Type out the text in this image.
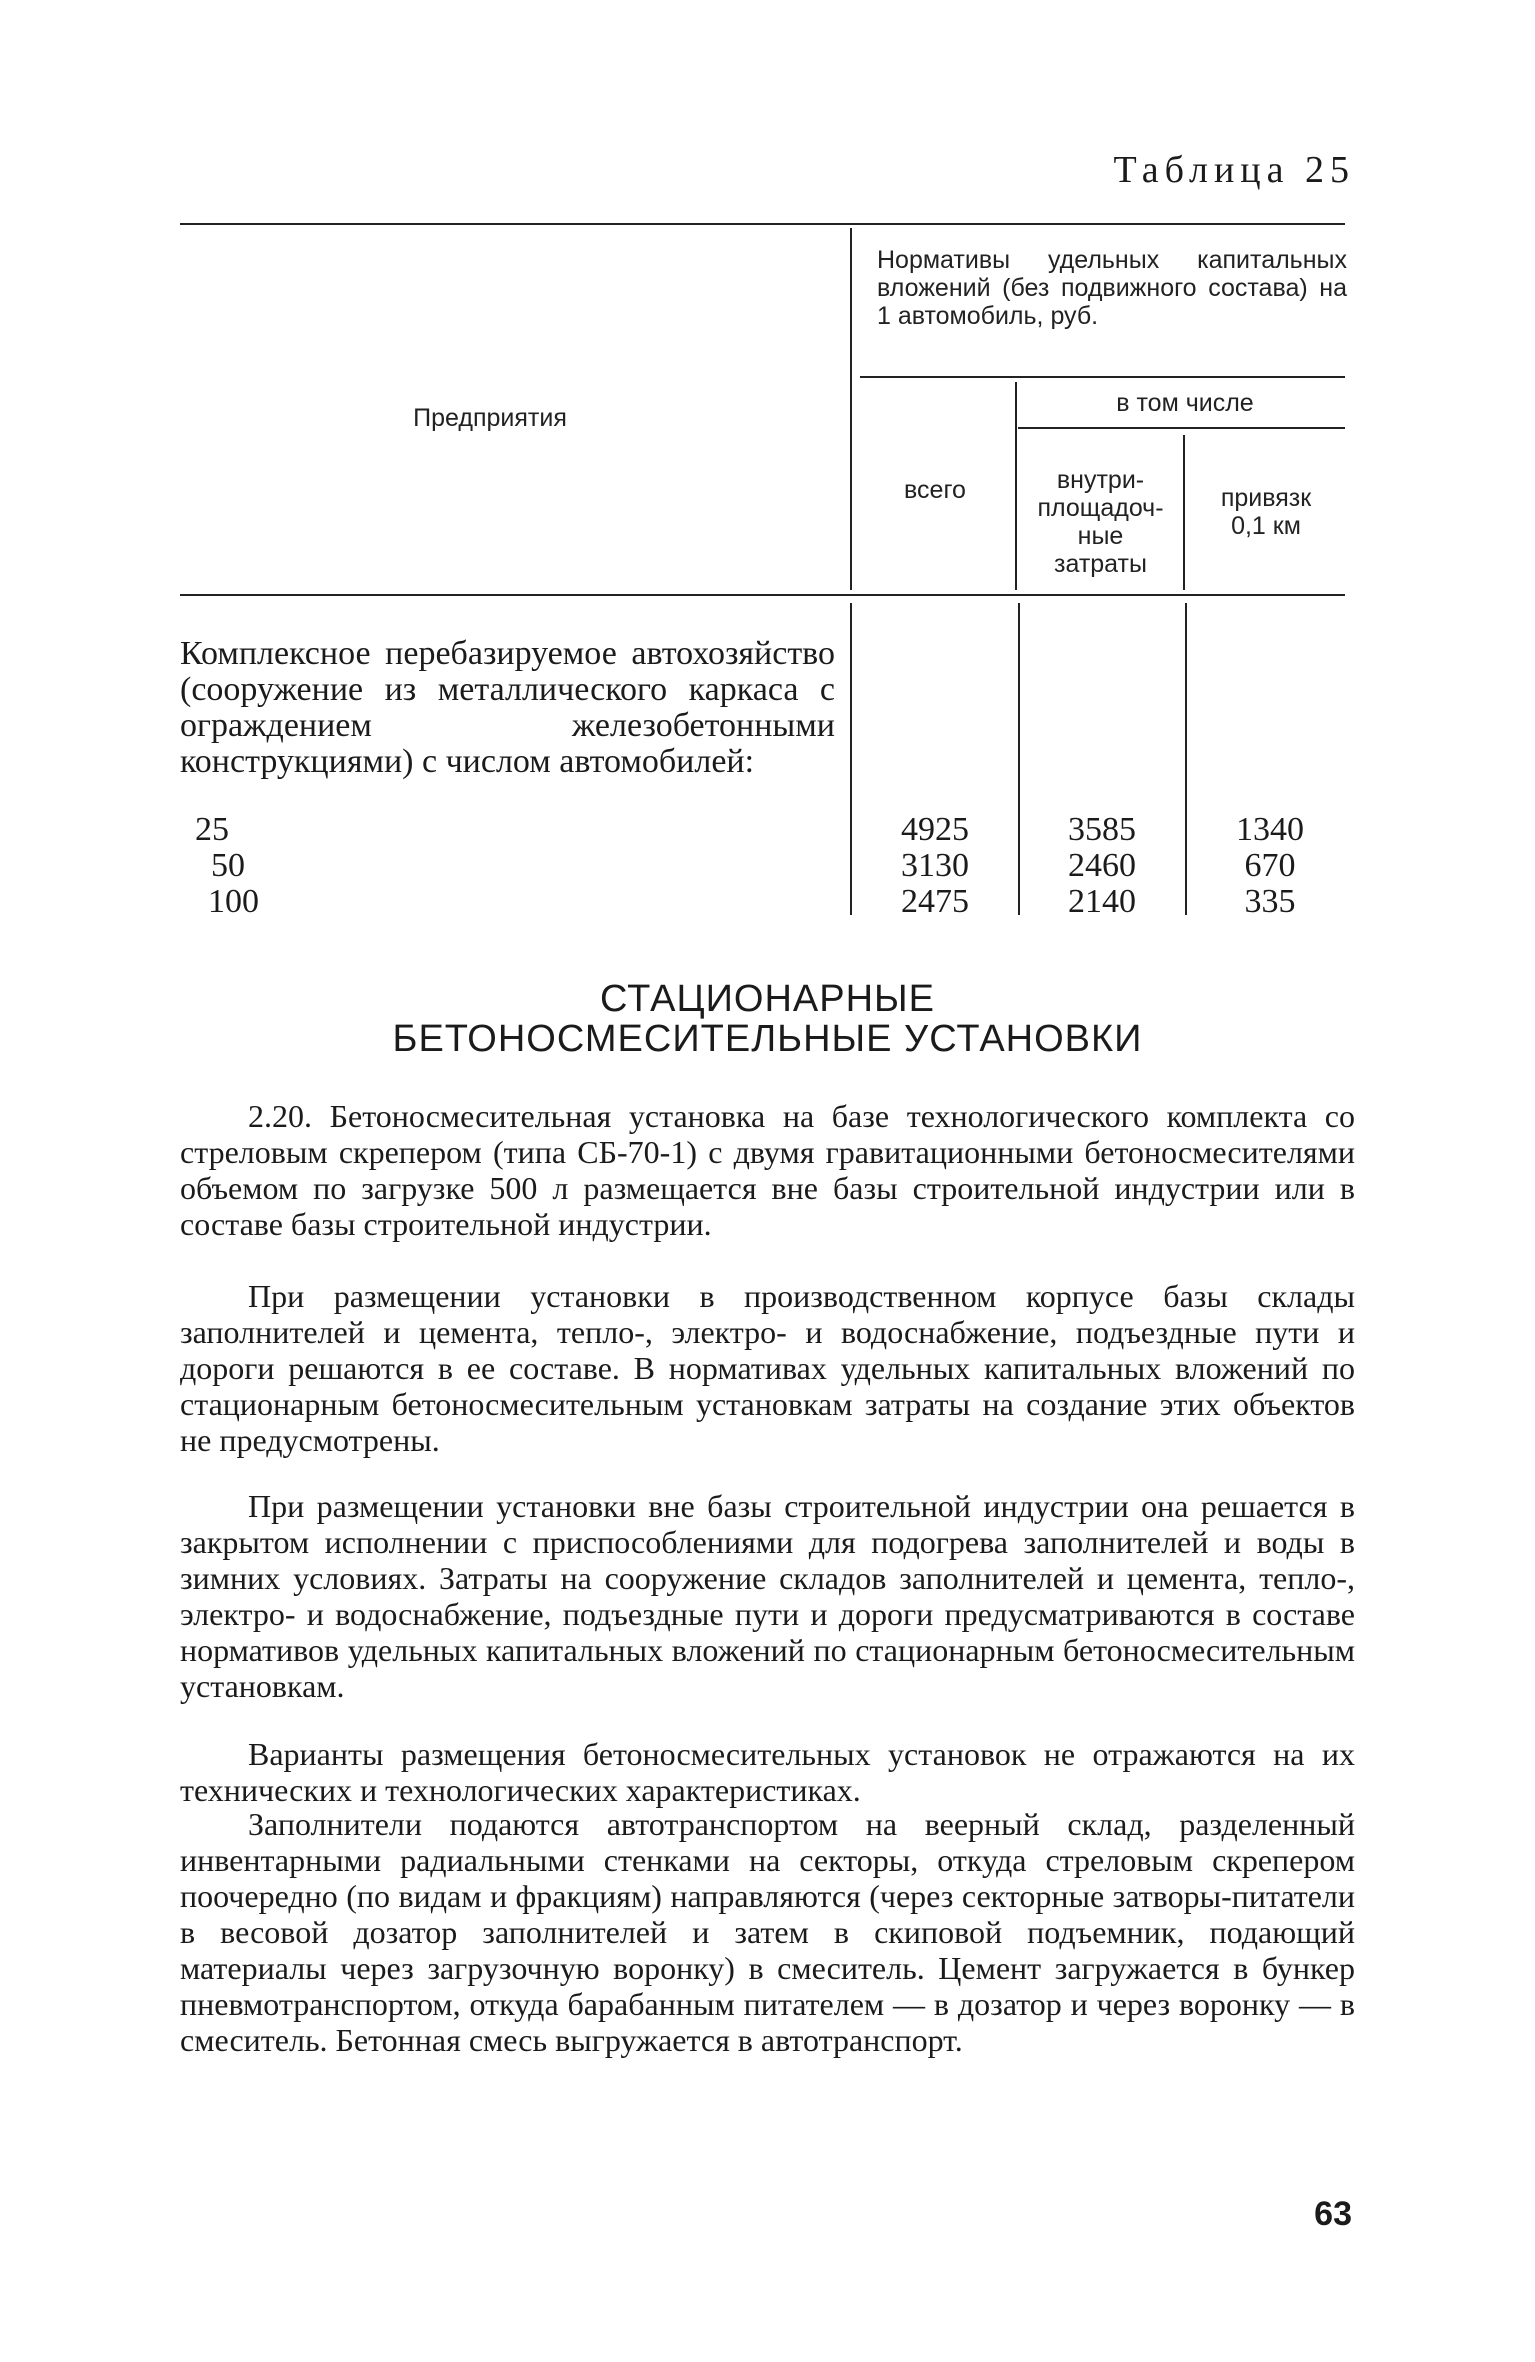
Таблица 25
Предприятия
Нормативы удельных капитальных вложений (без подвижного состава) на 1 автомобиль, руб.
в том числе
всего	внутри-
площадоч-
ные
затраты
привязк
0,1 км
Комплексное перебазируемое автохозяйство (сооружение из металлического каркаса с ограждением железобетонными конструкциями) с числом автомобилей:
25
50
100
4925
3130
2475
3585
2460
2140
1340
670
335
СТАЦИОНАРНЫЕ
БЕТОНОСМЕСИТЕЛЬНЫЕ УСТАНОВКИ

2.20. Бетоносмесительная установка на базе технологического комплекта со стреловым скрепером (типа СБ-70-1) с двумя гравитационными бетоносмесителями объемом по загрузке 500 л размещается вне базы строительной индустрии или в составе базы строительной индустрии.

При размещении установки в производственном корпусе базы склады заполнителей и цемента, тепло-, электро- и водоснабжение, подъездные пути и дороги решаются в ее составе. В нормативах удельных капитальных вложений по стационарным бетоносмесительным установкам затраты на создание этих объектов не предусмотрены.

При размещении установки вне базы строительной индустрии она решается в закрытом исполнении с приспособлениями для подогрева заполнителей и воды в зимних условиях. Затраты на сооружение складов заполнителей и цемента, тепло-, электро- и водоснабжение, подъездные пути и дороги предусматриваются в составе нормативов удельных капитальных вложений по стационарным бетоносмесительным установкам.

Варианты размещения бетоносмесительных установок не отражаются на их технических и технологических характеристиках.

Заполнители подаются автотранспортом на веерный склад, разделенный инвентарными радиальными стенками на секторы, откуда стреловым скрепером поочередно (по видам и фракциям) направляются (через секторные затворы-питатели в весовой дозатор заполнителей и затем в скиповой подъемник, подающий материалы через загрузочную воронку) в смеситель. Цемент загружается в бункер пневмотранспортом, откуда барабанным питателем — в дозатор и через воронку — в смеситель. Бетонная смесь выгружается в автотранспорт.

63
